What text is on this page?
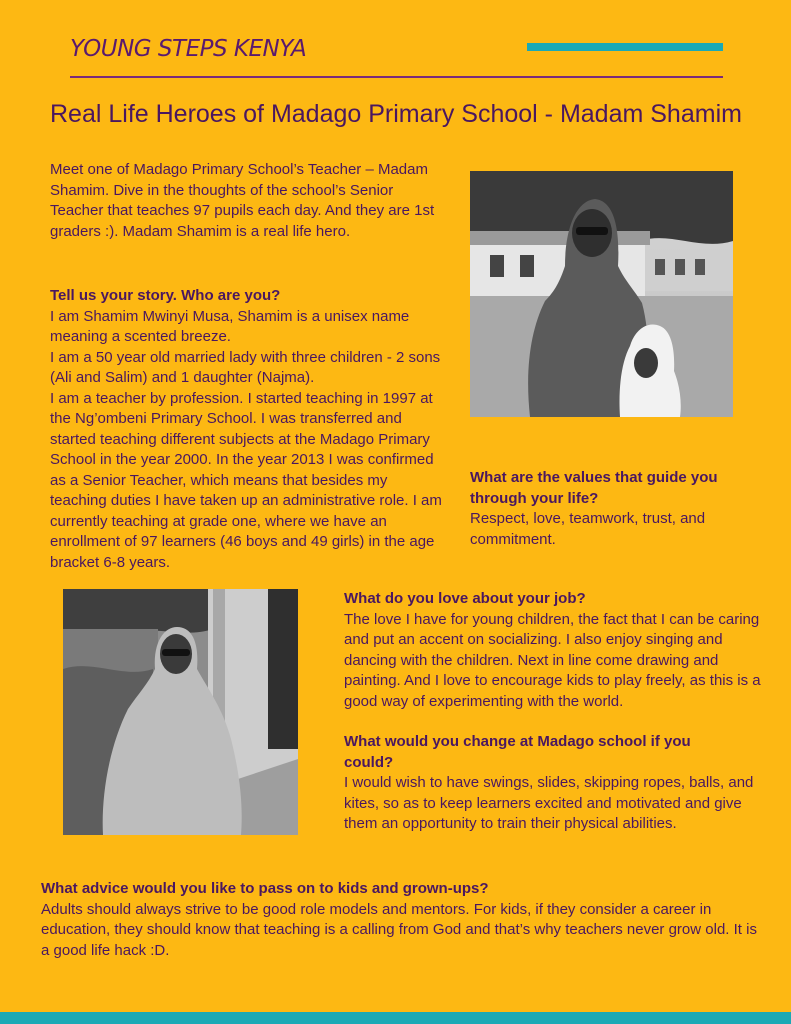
YOUNG STEPS KENYA
Real Life Heroes of Madago Primary School - Madam Shamim

Meet one of Madago Primary School’s Teacher – Madam Shamim. Dive in the thoughts of the school’s Senior Teacher that teaches 97 pupils each day. And they are 1st graders :). Madam Shamim is a real life hero.

Tell us your story. Who are you?

I am Shamim Mwinyi Musa, Shamim is a unisex name meaning a scented breeze.

I am a 50 year old married lady with three children - 2 sons (Ali and Salim) and 1 daughter (Najma).

I am a teacher by profession. I started teaching in 1997 at the Ng’ombeni Primary School. I was transferred and started teaching different subjects at the Madago Primary School in the year 2000. In the year 2013 I was confirmed as a Senior Teacher, which means that besides my teaching duties I have taken up an administrative role. I am currently teaching at grade one, where we have an enrollment of 97 learners (46 boys and 49 girls) in the age bracket 6-8 years.

What are the values that guide you through your life?

Respect, love, teamwork, trust, and commitment.

What do you love about your job?

The love I have for young children, the fact that I can be caring and put an accent on socializing. I also enjoy singing and dancing with the children. Next in line come drawing and painting. And I love to encourage kids to play freely, as this is a good way of experimenting with the world.

What would you change at Madago school if you could?

I would wish to have swings, slides, skipping ropes, balls, and kites, so as to keep learners excited and motivated and give them an opportunity to train their physical abilities.

What advice would you like to pass on to kids and grown-ups?

Adults should always strive to be good role models and mentors. For kids, if they consider a career in education, they should know that teaching is a calling from God and that’s why teachers never grow old. It is a good life hack :D.
